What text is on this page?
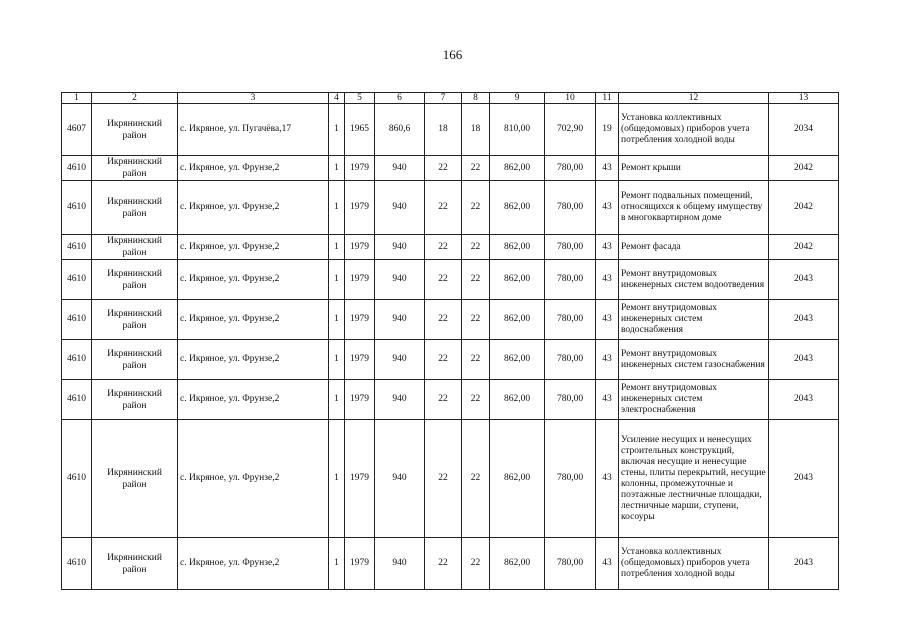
166
1	2	3	4	5	6	7	8	9	10	11	12	13
4607	Икрянинский район	с. Икряное, ул. Пугачёва,17	1	1965	860,6	18	18	810,00	702,90	19	Установка коллективных (общедомовых) приборов учета потребления холодной воды	2034
4610	Икрянинский район	с. Икряное, ул. Фрунзе,2	1	1979	940	22	22	862,00	780,00	43	Ремонт крыши	2042
4610	Икрянинский район	с. Икряное, ул. Фрунзе,2	1	1979	940	22	22	862,00	780,00	43	Ремонт подвальных помещений, относящихся к общему имуществу в многоквартирном доме	2042
4610	Икрянинский район	с. Икряное, ул. Фрунзе,2	1	1979	940	22	22	862,00	780,00	43	Ремонт фасада	2042
4610	Икрянинский район	с. Икряное, ул. Фрунзе,2	1	1979	940	22	22	862,00	780,00	43	Ремонт внутридомовых инженерных систем водоотведения	2043
4610	Икрянинский район	с. Икряное, ул. Фрунзе,2	1	1979	940	22	22	862,00	780,00	43	Ремонт внутридомовых инженерных систем водоснабжения	2043
4610	Икрянинский район	с. Икряное, ул. Фрунзе,2	1	1979	940	22	22	862,00	780,00	43	Ремонт внутридомовых инженерных систем газоснабжения	2043
4610	Икрянинский район	с. Икряное, ул. Фрунзе,2	1	1979	940	22	22	862,00	780,00	43	Ремонт внутридомовых инженерных систем электроснабжения	2043
4610	Икрянинский район	с. Икряное, ул. Фрунзе,2	1	1979	940	22	22	862,00	780,00	43	Усиление несущих и ненесущих строительных конструкций, включая несущие и ненесущие стены, плиты перекрытий, несущие колонны, промежуточные и поэтажные лестничные площадки, лестничные марши, ступени, косоуры	2043
4610	Икрянинский район	с. Икряное, ул. Фрунзе,2	1	1979	940	22	22	862,00	780,00	43	Установка коллективных (общедомовых) приборов учета потребления холодной воды	2043
